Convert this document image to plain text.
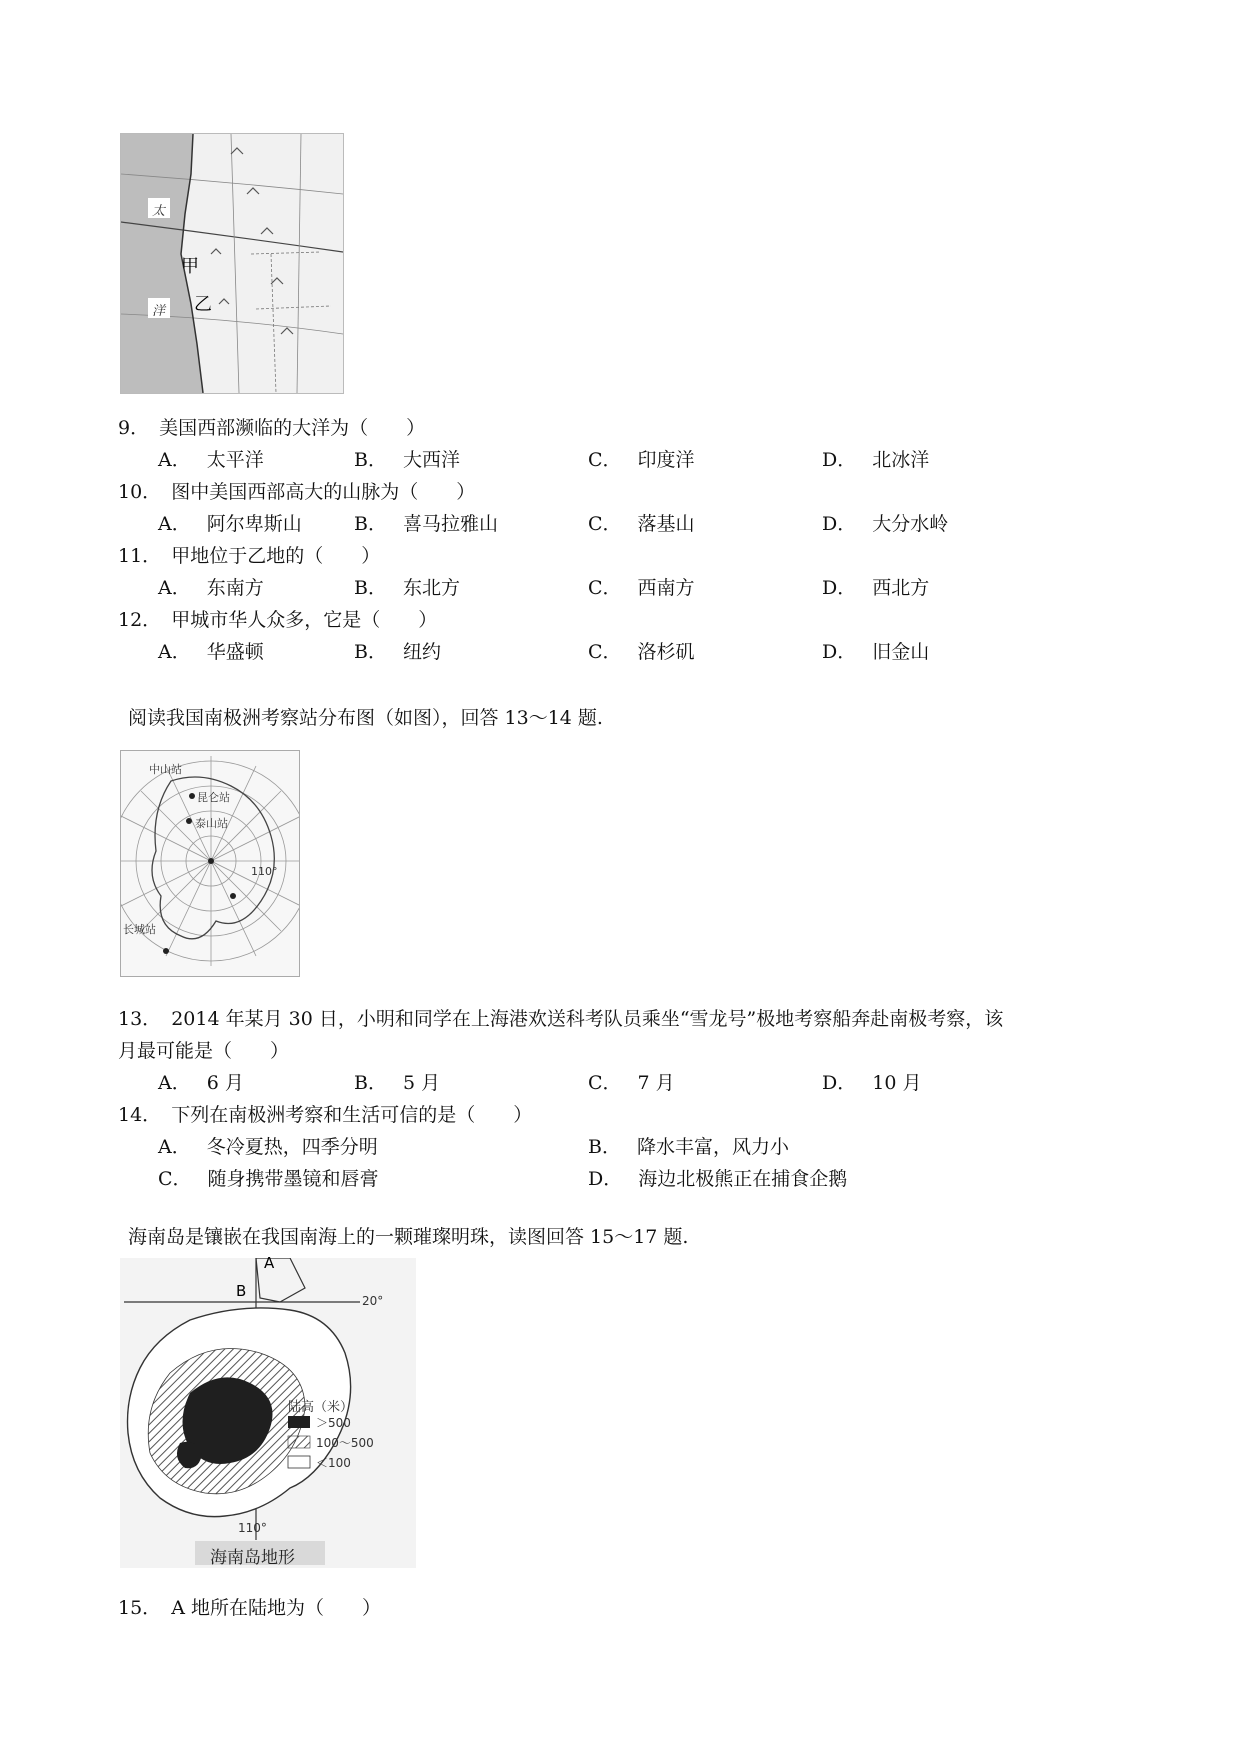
太
洋
甲
乙
9． 美国西部濒临的大洋为（　　）
A． 太平洋	B． 大西洋	C． 印度洋	D． 北冰洋
10． 图中美国西部高大的山脉为（　　）
A． 阿尔卑斯山	B． 喜马拉雅山	C． 落基山	D． 大分水岭
11． 甲地位于乙地的（　　）
A． 东南方	B． 东北方	C． 西南方	D． 西北方
12． 甲城市华人众多，它是（　　）
A． 华盛顿	B． 纽约	C． 洛杉矶	D． 旧金山
阅读我国南极洲考察站分布图（如图），回答 13～14 题.
中山站
昆仑站
泰山站
110°
长城站
13． 2014 年某月 30 日，小明和同学在上海港欢送科考队员乘坐“雪龙号”极地考察船奔赴南极考察，该
月最可能是（　　）
A． 6 月	B． 5 月	C． 7 月	D． 10 月
14． 下列在南极洲考察和生活可信的是（　　）
A． 冬冷夏热，四季分明	B． 降水丰富，风力小
C． 随身携带墨镜和唇膏	D． 海边北极熊正在捕食企鹅
海南岛是镶嵌在我国南海上的一颗璀璨明珠，读图回答 15～17 题.
A
B
20°
陆高（米）
＞500
100～500
＜100
110°
海南岛地形
15． A 地所在陆地为（　　）
